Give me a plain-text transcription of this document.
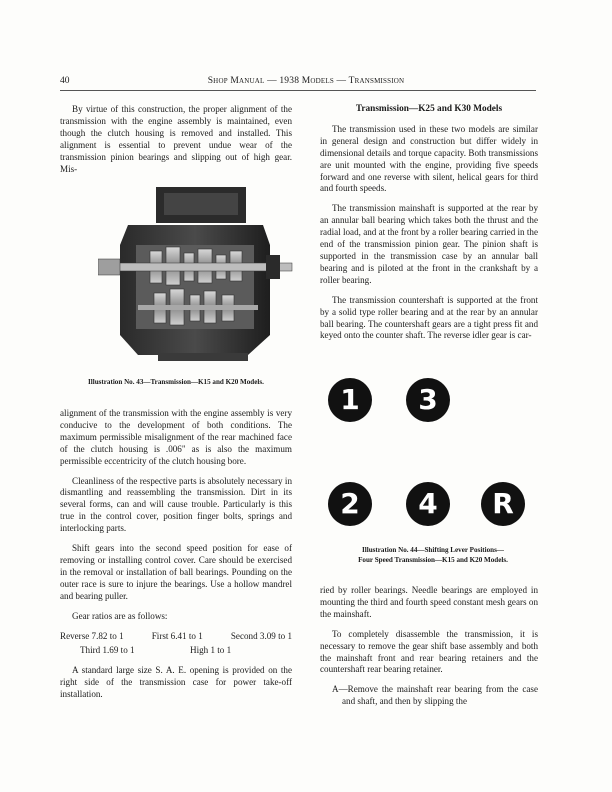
40	Shop Manual — 1938 Models — Transmission

By virtue of this construction, the proper alignment of the transmission with the engine assembly is maintained, even though the clutch housing is removed and installed. This alignment is essential to prevent undue wear of the transmission pinion bearings and slipping out of high gear. Mis-

Illustration No. 43—Transmission—K15 and K20 Models.

alignment of the transmission with the engine assembly is very conducive to the development of both conditions. The maximum permissible misalignment of the rear machined face of the clutch housing is .006" as is also the maximum permissible eccentricity of the clutch housing bore.

Cleanliness of the respective parts is absolutely necessary in dismantling and reassembling the transmission. Dirt in its several forms, can and will cause trouble. Particularly is this true in the control cover, position finger bolts, springs and interlocking parts.

Shift gears into the second speed position for ease of removing or installing control cover. Care should be exercised in the removal or installation of ball bearings. Pounding on the outer race is sure to injure the bearings. Use a hollow mandrel and bearing puller.

Gear ratios are as follows:

Reverse 7.82 to 1	First 6.41 to 1	Second 3.09 to 1
Third 1.69 to 1	High 1 to 1

A standard large size S. A. E. opening is provided on the right side of the transmission case for power take-off installation.

Transmission—K25 and K30 Models

The transmission used in these two models are similar in general design and construction but differ widely in dimensional details and torque capacity. Both transmissions are unit mounted with the engine, providing five speeds forward and one reverse with silent, helical gears for third and fourth speeds.

The transmission mainshaft is supported at the rear by an annular ball bearing which takes both the thrust and the radial load, and at the front by a roller bearing carried in the end of the transmission pinion gear. The pinion shaft is supported in the transmission case by an annular ball bearing and is piloted at the front in the crankshaft by a roller bearing.

The transmission countershaft is supported at the front by a solid type roller bearing and at the rear by an annular ball bearing. The countershaft gears are a tight press fit and keyed onto the counter shaft. The reverse idler gear is car-

1	3
2	4	R
Illustration No. 44—Shifting Lever Positions—
Four Speed Transmission—K15 and K20 Models.

ried by roller bearings. Needle bearings are employed in mounting the third and fourth speed constant mesh gears on the mainshaft.

To completely disassemble the transmission, it is necessary to remove the gear shift base assembly and both the mainshaft front and rear bearing retainers and the countershaft rear bearing retainer.

A—Remove the mainshaft rear bearing from the case and shaft, and then by slipping the
